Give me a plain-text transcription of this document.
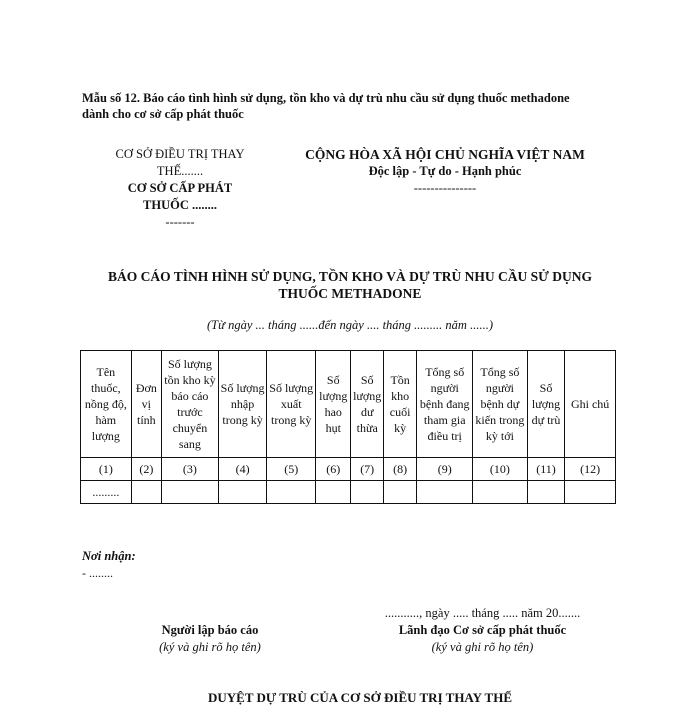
Mẫu số 12. Báo cáo tình hình sử dụng, tồn kho và dự trù nhu cầu sử dụng thuốc methadone dành cho cơ sở cấp phát thuốc
CƠ SỞ ĐIỀU TRỊ THAY
THẾ.......
CƠ SỞ CẤP PHÁT
THUỐC ........
-------
CỘNG HÒA XÃ HỘI CHỦ NGHĨA VIỆT NAM
Độc lập - Tự do - Hạnh phúc
---------------
BÁO CÁO TÌNH HÌNH SỬ DỤNG, TỒN KHO VÀ DỰ TRÙ NHU CẦU SỬ DỤNG THUỐC METHADONE
(Từ ngày ... tháng ......đến ngày .... tháng ......... năm ......)
Tên thuốc, nồng độ, hàm lượng	Đơn vị tính	Số lượng tồn kho kỳ báo cáo trước chuyển sang	Số lượng nhập trong kỳ	Số lượng xuất trong kỳ	Số lượng hao hụt	Số lượng dư thừa	Tồn kho cuối kỳ	Tổng số người bệnh đang tham gia điều trị	Tổng số người bệnh dự kiến trong kỳ tới	Số lượng dự trù	Ghi chú
(1)	(2)	(3)	(4)	(5)	(6)	(7)	(8)	(9)	(10)	(11)	(12)
.........											
Nơi nhận:
- ........
..........., ngày ..... tháng ..... năm 20.......
Người lập báo cáo
(ký và ghi rõ họ tên)
Lãnh đạo Cơ sở cấp phát thuốc
(ký và ghi rõ họ tên)
DUYỆT DỰ TRÙ CỦA CƠ SỞ ĐIỀU TRỊ THAY THẾ
